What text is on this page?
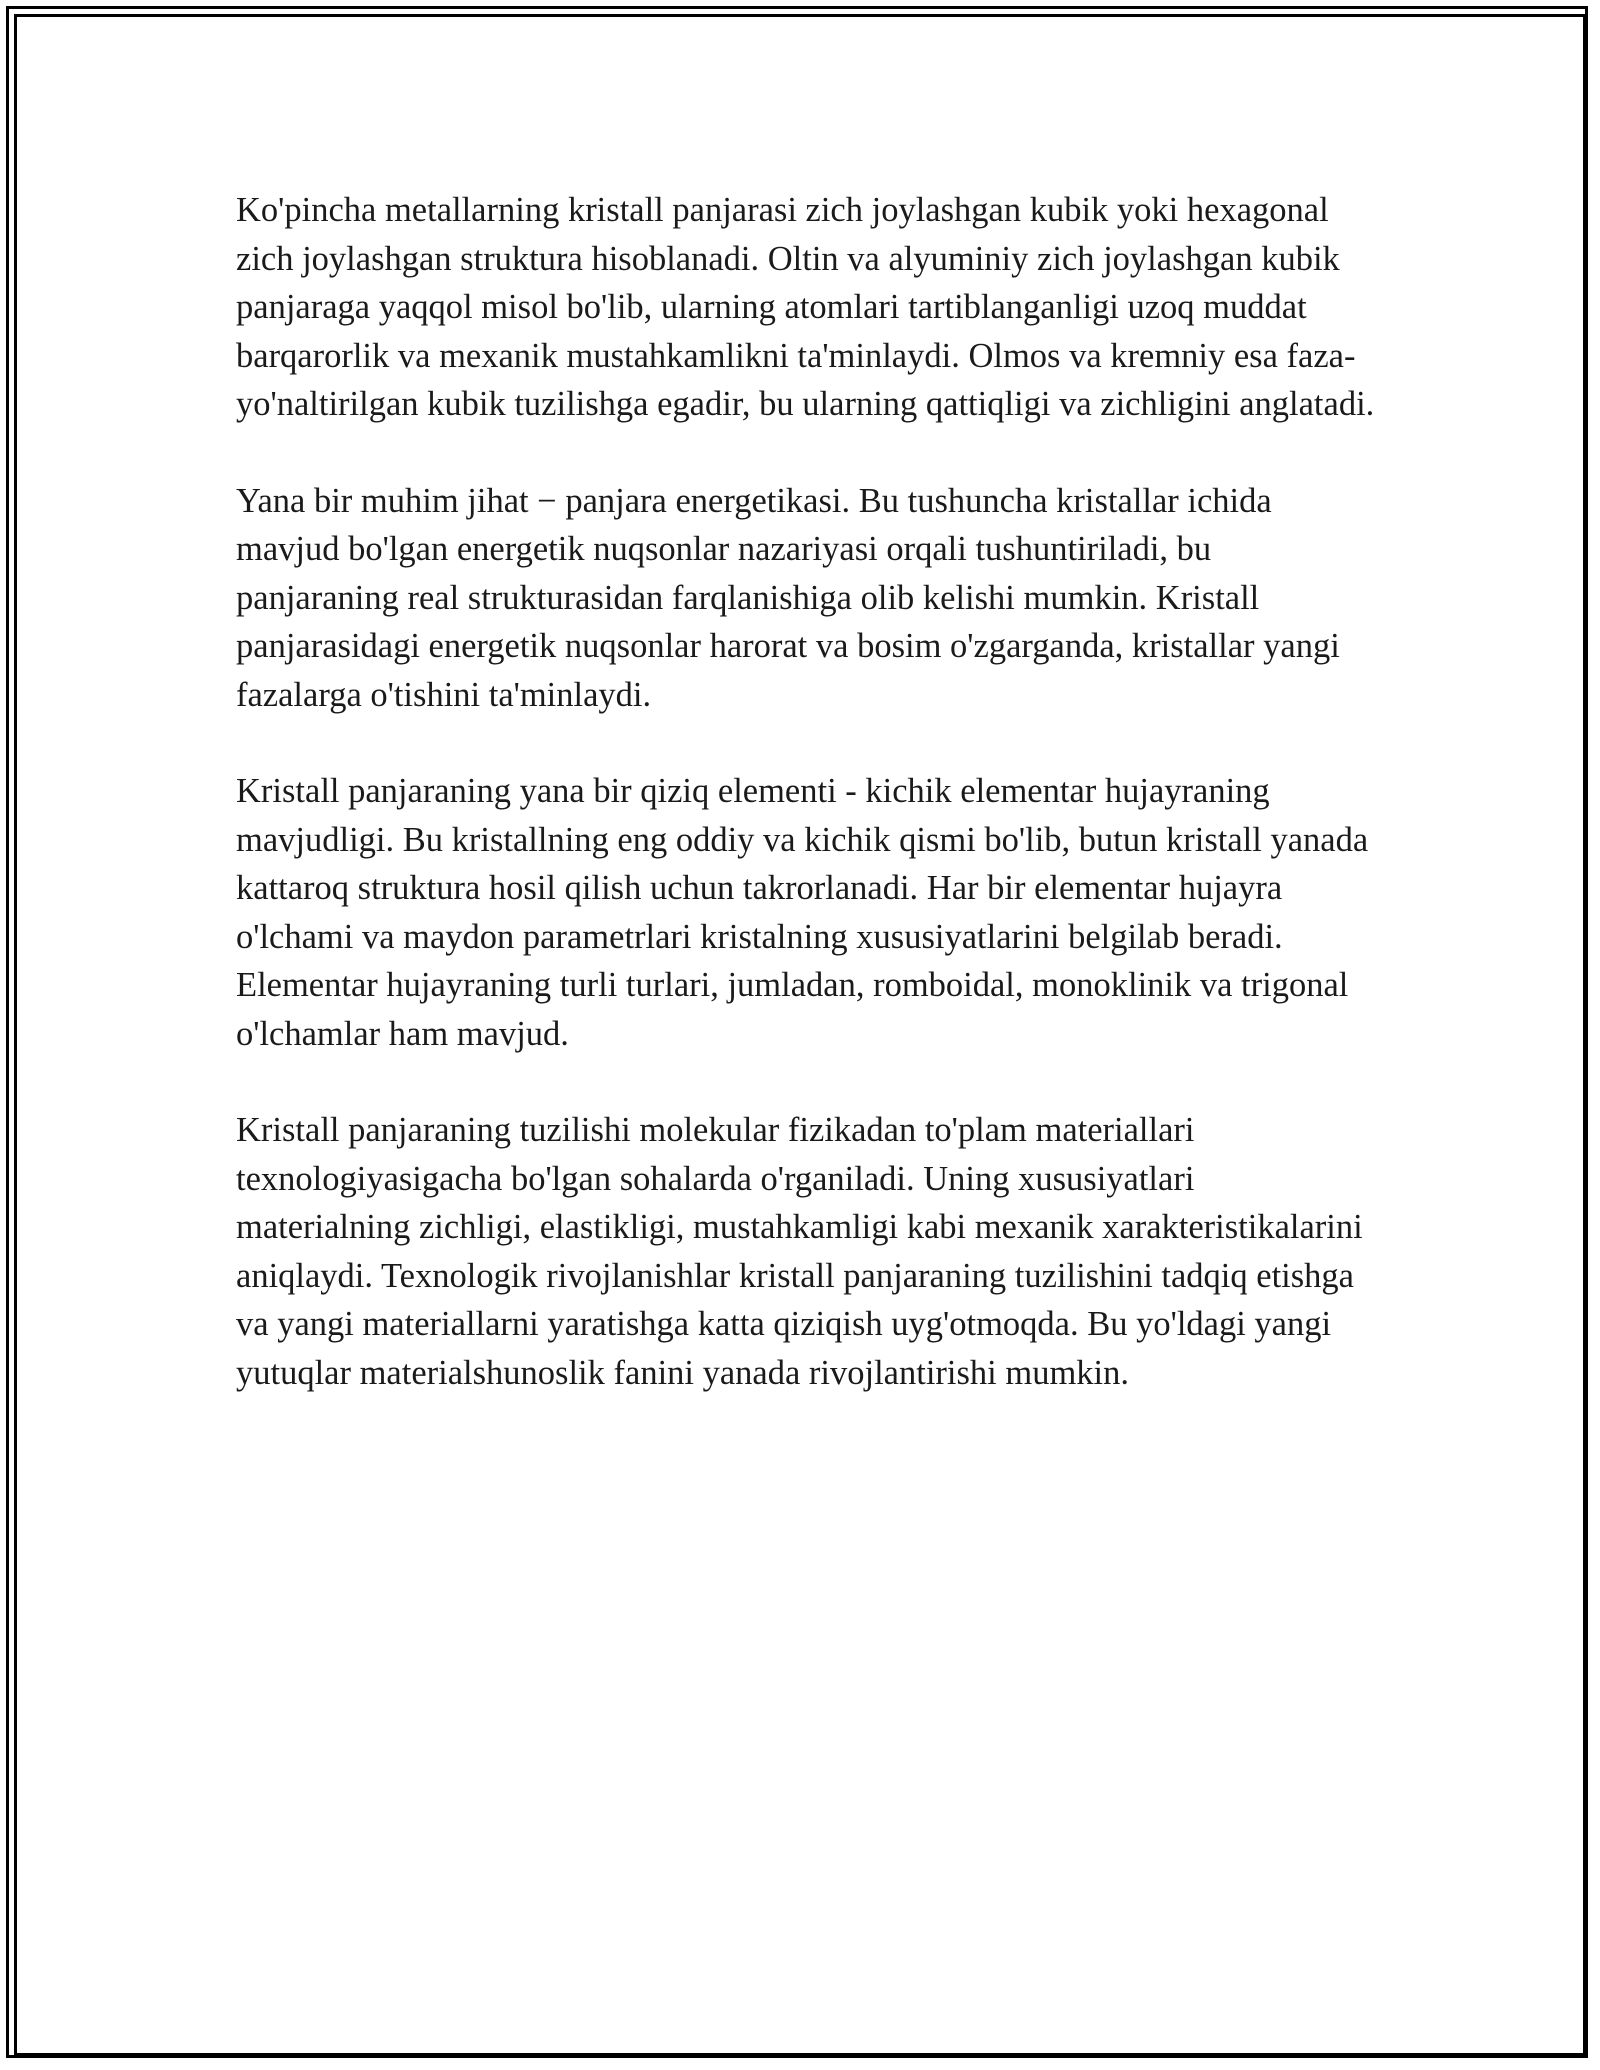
Ko'pincha metallarning kristall panjarasi zich joylashgan kubik yoki hexagonal zich joylashgan struktura hisoblanadi. Oltin va alyuminiy zich joylashgan kubik panjaraga yaqqol misol bo'lib, ularning atomlari tartiblanganligi uzoq muddat barqarorlik va mexanik mustahkamlikni ta'minlaydi. Olmos va kremniy esa faza-yo'naltirilgan kubik tuzilishga egadir, bu ularning qattiqligi va zichligini anglatadi.

Yana bir muhim jihat − panjara energetikasi. Bu tushuncha kristallar ichida mavjud bo'lgan energetik nuqsonlar nazariyasi orqali tushuntiriladi, bu panjaraning real strukturasidan farqlanishiga olib kelishi mumkin. Kristall panjarasidagi energetik nuqsonlar harorat va bosim o'zgarganda, kristallar yangi fazalarga o'tishini ta'minlaydi.

Kristall panjaraning yana bir qiziq elementi - kichik elementar hujayraning mavjudligi. Bu kristallning eng oddiy va kichik qismi bo'lib, butun kristall yanada kattaroq struktura hosil qilish uchun takrorlanadi. Har bir elementar hujayra o'lchami va maydon parametrlari kristalning xususiyatlarini belgilab beradi. Elementar hujayraning turli turlari, jumladan, romboidal, monoklinik va trigonal o'lchamlar ham mavjud.

Kristall panjaraning tuzilishi molekular fizikadan to'plam materiallari texnologiyasigacha bo'lgan sohalarda o'rganiladi. Uning xususiyatlari materialning zichligi, elastikligi, mustahkamligi kabi mexanik xarakteristikalarini aniqlaydi. Texnologik rivojlanishlar kristall panjaraning tuzilishini tadqiq etishga va yangi materiallarni yaratishga katta qiziqish uyg'otmoqda. Bu yo'ldagi yangi yutuqlar materialshunoslik fanini yanada rivojlantirishi mumkin.
